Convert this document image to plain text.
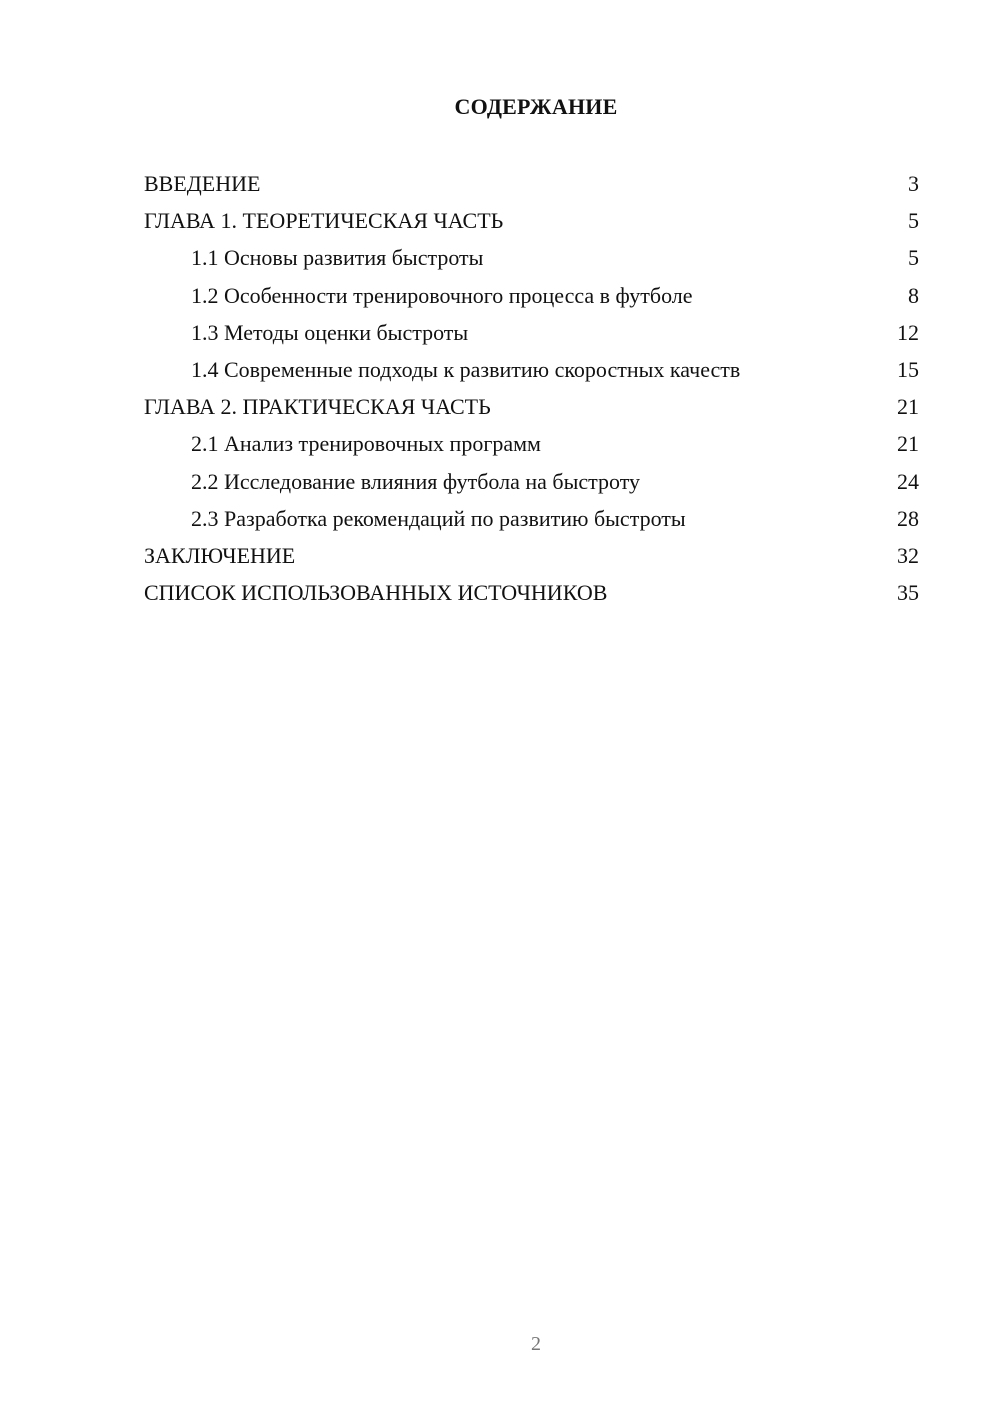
СОДЕРЖАНИЕ
ВВЕДЕНИЕ	3
ГЛАВА 1. ТЕОРЕТИЧЕСКАЯ ЧАСТЬ	5
1.1 Основы развития быстроты	5
1.2 Особенности тренировочного процесса в футболе	8
1.3 Методы оценки быстроты	12
1.4 Современные подходы к развитию скоростных качеств	15
ГЛАВА 2. ПРАКТИЧЕСКАЯ ЧАСТЬ	21
2.1 Анализ тренировочных программ	21
2.2 Исследование влияния футбола на быстроту	24
2.3 Разработка рекомендаций по развитию быстроты	28
ЗАКЛЮЧЕНИЕ	32
СПИСОК ИСПОЛЬЗОВАННЫХ ИСТОЧНИКОВ	35
2
